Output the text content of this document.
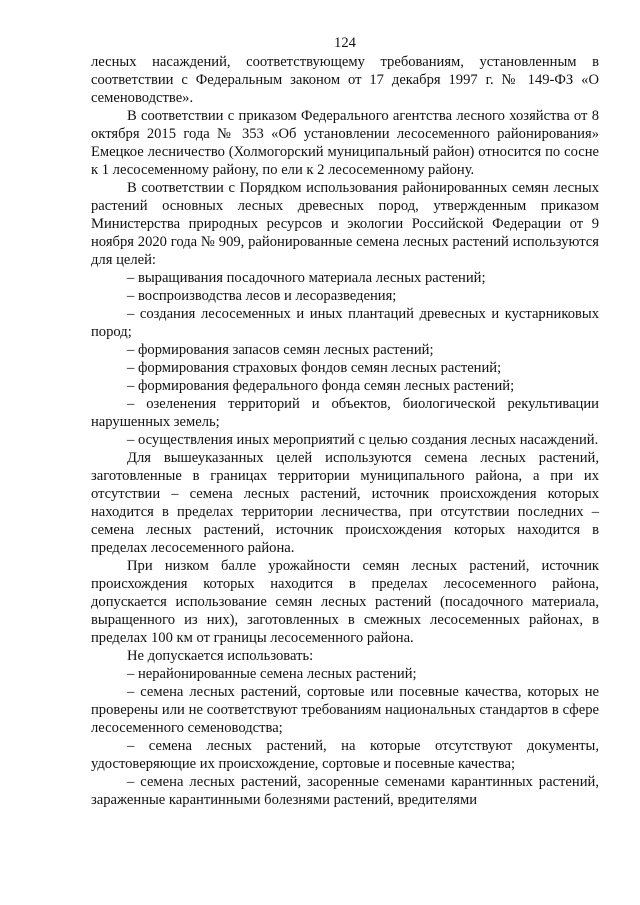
124

лесных насаждений, соответствующему требованиям, установленным в соответствии с Федеральным законом от 17 декабря 1997 г. № 149-ФЗ «О семеноводстве».

В соответствии с приказом Федерального агентства лесного хозяйства от 8 октября 2015 года № 353 «Об установлении лесосеменного районирования» Емецкое лесничество (Холмогорский муниципальный район) относится по сосне к 1 лесосеменному району, по ели к 2 лесосеменному району.

В соответствии с Порядком использования районированных семян лесных растений основных лесных древесных пород, утвержденным приказом Министерства природных ресурсов и экологии Российской Федерации от 9 ноября 2020 года № 909, районированные семена лесных растений используются для целей:

– выращивания посадочного материала лесных растений;

– воспроизводства лесов и лесоразведения;

– создания лесосеменных и иных плантаций древесных и кустарниковых пород;

– формирования запасов семян лесных растений;

– формирования страховых фондов семян лесных растений;

– формирования федерального фонда семян лесных растений;

– озеленения территорий и объектов, биологической рекультивации нарушенных земель;

– осуществления иных мероприятий с целью создания лесных насаждений.

Для вышеуказанных целей используются семена лесных растений, заготовленные в границах территории муниципального района, а при их отсутствии – семена лесных растений, источник происхождения которых находится в пределах территории лесничества, при отсутствии последних – семена лесных растений, источник происхождения которых находится в пределах лесосеменного района.

При низком балле урожайности семян лесных растений, источник происхождения которых находится в пределах лесосеменного района, допускается использование семян лесных растений (посадочного материала, выращенного из них), заготовленных в смежных лесосеменных районах, в пределах 100 км от границы лесосеменного района.

Не допускается использовать:

– нерайонированные семена лесных растений;

– семена лесных растений, сортовые или посевные качества, которых не проверены или не соответствуют требованиям национальных стандартов в сфере лесосеменного семеноводства;

– семена лесных растений, на которые отсутствуют документы, удостоверяющие их происхождение, сортовые и посевные качества;

– семена лесных растений, засоренные семенами карантинных растений, зараженные карантинными болезнями растений, вредителями
